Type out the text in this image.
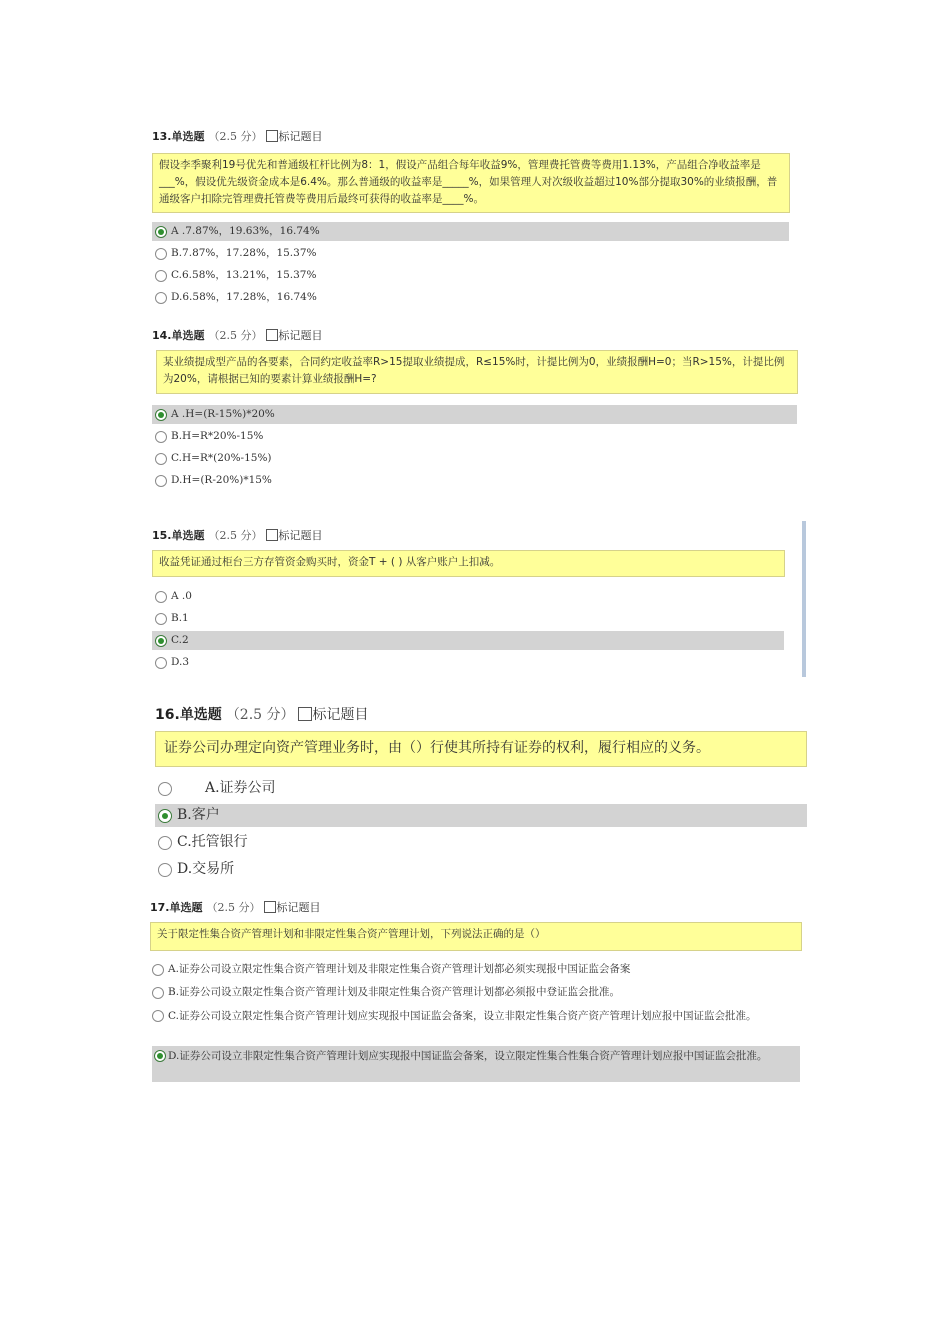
13.单选题 （2.5 分） 标记题目
假设李季聚利19号优先和普通级杠杆比例为8：1，假设产品组合每年收益9%，管理费托管费等费用1.13%，产品组合净收益率是___%，假设优先级资金成本是6.4%。那么普通级的收益率是_____%，如果管理人对次级收益超过10%部分提取30%的业绩报酬，普通级客户扣除完管理费托管费等费用后最终可获得的收益率是____%。
A .7.87%，19.63%，16.74%
B.7.87%，17.28%，15.37%
C.6.58%，13.21%，15.37%
D.6.58%，17.28%，16.74%
14.单选题 （2.5 分） 标记题目
某业绩提成型产品的各要素，合同约定收益率R>15提取业绩提成，R≤15%时，计提比例为0，业绩报酬H=0；当R>15%，计提比例为20%，请根据已知的要素计算业绩报酬H=?
A .H=(R-15%)*20%
B.H=R*20%-15%
C.H=R*(20%-15%)
D.H=(R-20%)*15%
15.单选题 （2.5 分） 标记题目
收益凭证通过柜台三方存管资金购买时，资金T + ( ) 从客户账户上扣减。
A .0
B.1
C.2
D.3
16.单选题 （2.5 分） 标记题目
证券公司办理定向资产管理业务时，由（）行使其所持有证券的权利，履行相应的义务。
A.证券公司
B.客户
C.托管银行
D.交易所
17.单选题 （2.5 分） 标记题目
关于限定性集合资产管理计划和非限定性集合资产管理计划，下列说法正确的是（）
A.证券公司设立限定性集合资产管理计划及非限定性集合资产管理计划都必须实现报中国证监会备案
B.证券公司设立限定性集合资产管理计划及非限定性集合资产管理计划都必须报中登证监会批准。
C.证券公司设立限定性集合资产管理计划应实现报中国证监会备案，设立非限定性集合资产资产管理计划应报中国证监会批准。
D.证券公司设立非限定性集合资产管理计划应实现报中国证监会备案，设立限定性集合性集合资产管理计划应报中国证监会批准。
